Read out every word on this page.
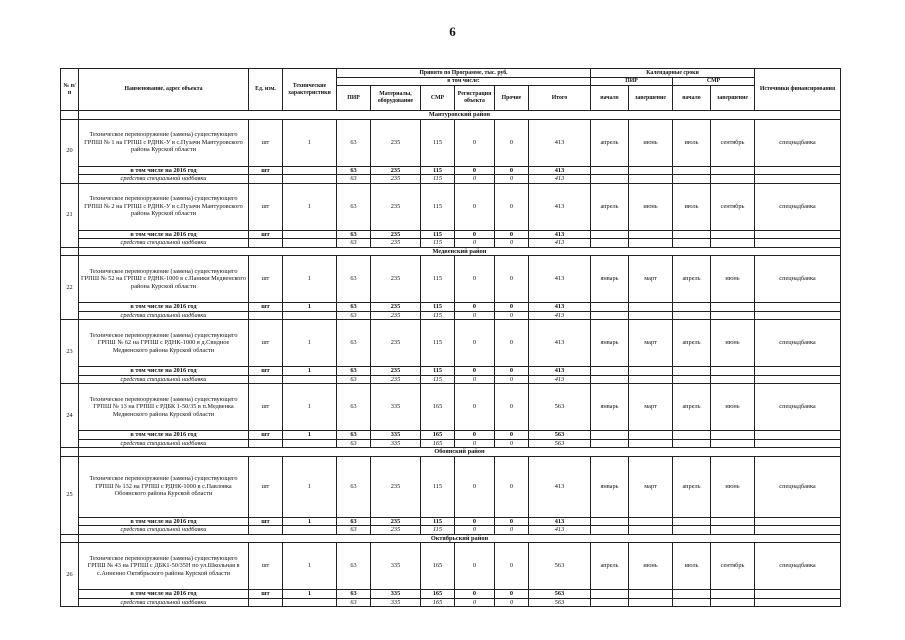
6
№ п/п	Наименование, адрес объекта	Ед. изм.	Технические характеристики	Принято по Программе, тыс. руб.						Календарные сроки				Источники финансирования
				в том числе:						ПИР		СМР		
				ПИР	Материалы, оборудование	СМР	Регистрация объекта	Прочие	Итого	начало	завершение	начало	завершение	
	Мантуровский район													
20	Техническое перевооружение (замена) существующего ГРПШ № 1 на ГРПШ с РДНК-У в с.Пузачи Мантуровского района Курской области	шт	1	63	235	115	0	0	413	апрель	июнь	июль	сентябрь	спецнадбавка
	в том числе на 2016 год	шт		63	235	115	0	0	413					
	средства специальной надбавки			63	235	115	0	0	413					
21	Техническое перевооружение (замена) существующего ГРПШ № 2 на ГРПШ с РДНК-У в с.Пузачи Мантуровского района Курской области	шт	1	63	235	115	0	0	413	апрель	июнь	июль	сентябрь	спецнадбавка
	в том числе на 2016 год	шт		63	235	115	0	0	413					
	средства специальной надбавки			63	235	115	0	0	413					
	Медвенский район													
22	Техническое перевооружение (замена) существующего ГРПШ № 52 на ГРПШ с РДНК-1000 в с.Паники Медвенского района Курской области	шт	1	63	235	115	0	0	413	январь	март	апрель	июнь	спецнадбавка
	в том числе на 2016 год	шт	1	63	235	115	0	0	413					
	средства специальной надбавки			63	235	115	0	0	413					
23	Техническое перевооружение (замена) существующего ГРПШ № 62 на ГРПШ с РДНК-1000 в д.Свидное Медвенского района Курской области	шт	1	63	235	115	0	0	413	январь	март	апрель	июнь	спецнадбавка
	в том числе на 2016 год	шт	1	63	235	115	0	0	413					
	средства специальной надбавки			63	235	115	0	0	413					
24	Техническое перевооружение (замена) существующего ГРПШ № 13 на ГРПШ с РДБК 1-50/35 в п.Медвенка Медвенского района Курской области	шт	1	63	335	165	0	0	563	январь	март	апрель	июнь	спецнадбавка
	в том числе на 2016 год	шт	1	63	335	165	0	0	563					
	средства специальной надбавки			63	335	165	0	0	563					
	Обоянский район													
25	Техническое перевооружение (замена) существующего ГРПШ № 132 на ГРПШ с РДНК-1000 в с.Павловка Обоянского района Курской области	шт	1	63	235	115	0	0	413	январь	март	апрель	июнь	спецнадбавка
	в том числе на 2016 год	шт	1	63	235	115	0	0	413					
	средства специальной надбавки			63	235	115	0	0	413					
	Октябрьский район													
26	Техническое перевооружение (замена) существующего ГРПШ № 43 на ГРПШ с ДБК1-50/35Н по ул.Школьная в с.Анненно Октябрьского района Курской области	шт	1	63	335	165	0	0	563	апрель	июнь	июль	сентябрь	спецнадбавка
	в том числе на 2016 год	шт	1	63	335	165	0	0	563					
	средства специальной надбавки			63	335	165	0	0	563					
